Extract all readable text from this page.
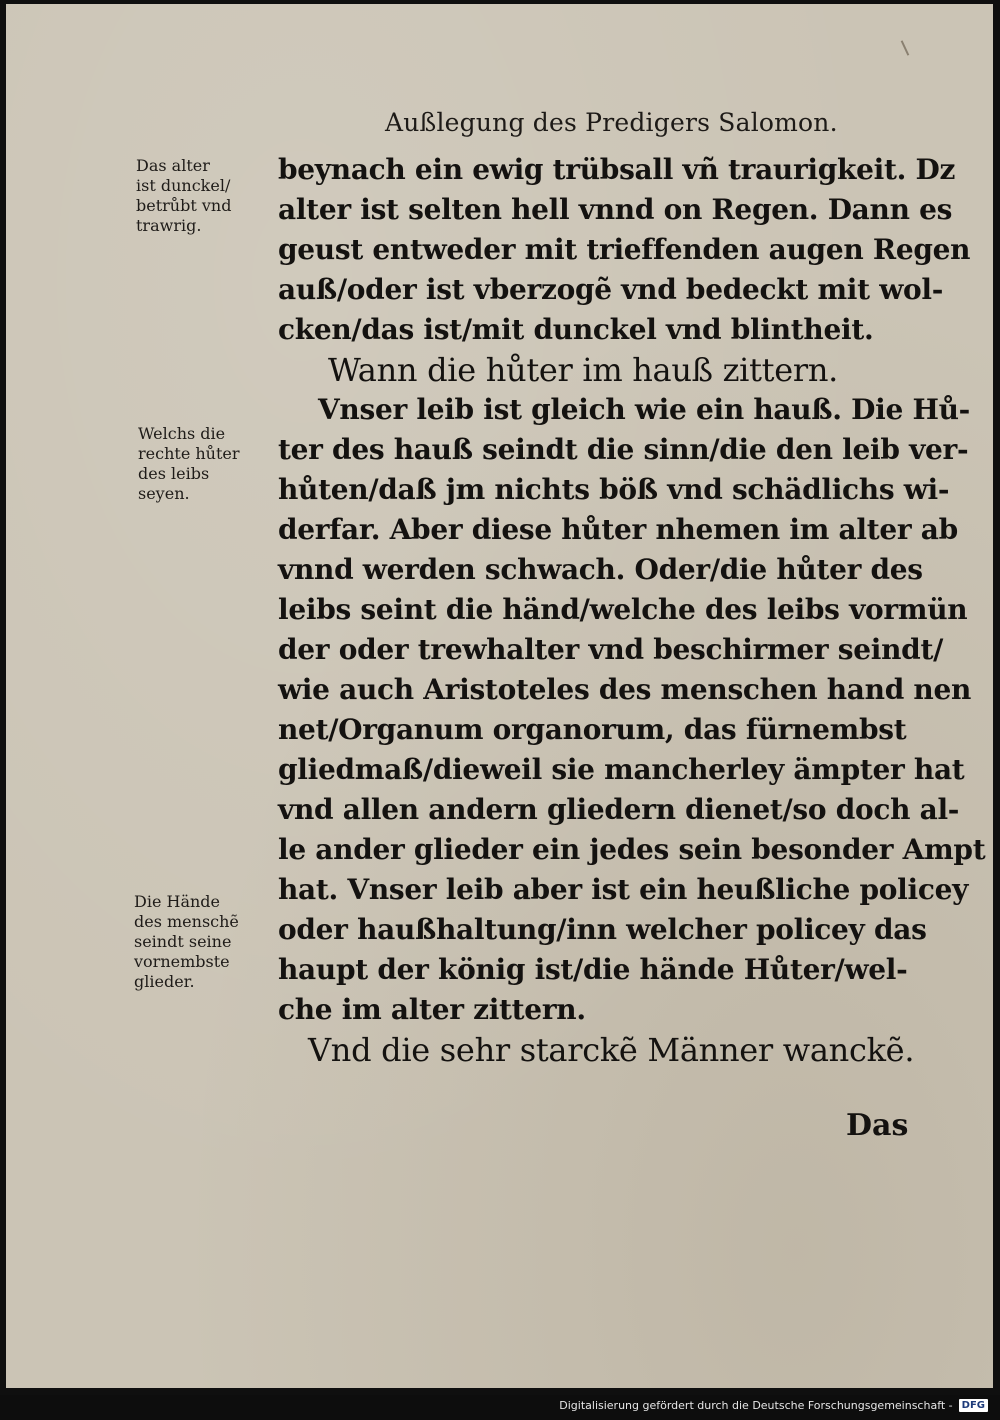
Außlegung des Predigers Salomon.
beynach ein ewig trübsall vñ traurigkeit. Dz
alter ist selten hell vnnd on Regen. Dann es
geust entweder mit trieffenden augen Regen
auß/oder ist vberzogẽ vnd bedeckt mit wol-
cken/das ist/mit dunckel vnd blintheit.
Wann die hůter im hauß zittern.
Vnser leib ist gleich wie ein hauß. Die Hů-
ter des hauß seindt die sinn/die den leib ver-
hůten/daß jm nichts böß vnd schädlichs wi-
derfar. Aber diese hůter nhemen im alter ab
vnnd werden schwach. Oder/die hůter des
leibs seint die händ/welche des leibs vormün
der oder trewhalter vnd beschirmer seindt/
wie auch Aristoteles des menschen hand nen
net/Organum organorum, das fürnembst
gliedmaß/dieweil sie mancherley ämpter hat
vnd allen andern gliedern dienet/so doch al-
le ander glieder ein jedes sein besonder Ampt
hat. Vnser leib aber ist ein heußliche policey
oder haußhaltung/inn welcher policey das
haupt der könig ist/die hände Hůter/wel-
che im alter zittern.
Vnd die sehr starckẽ Männer wanckẽ.
Das
Das alter
ist dunckel/
betrůbt vnd
trawrig.
Welchs die
rechte hůter
des leibs
seyen.
Die Hände
des menschẽ
seindt seine
vornembste
glieder.
Digitalisierung gefördert durch die Deutsche Forschungsgemeinschaft - DFG
